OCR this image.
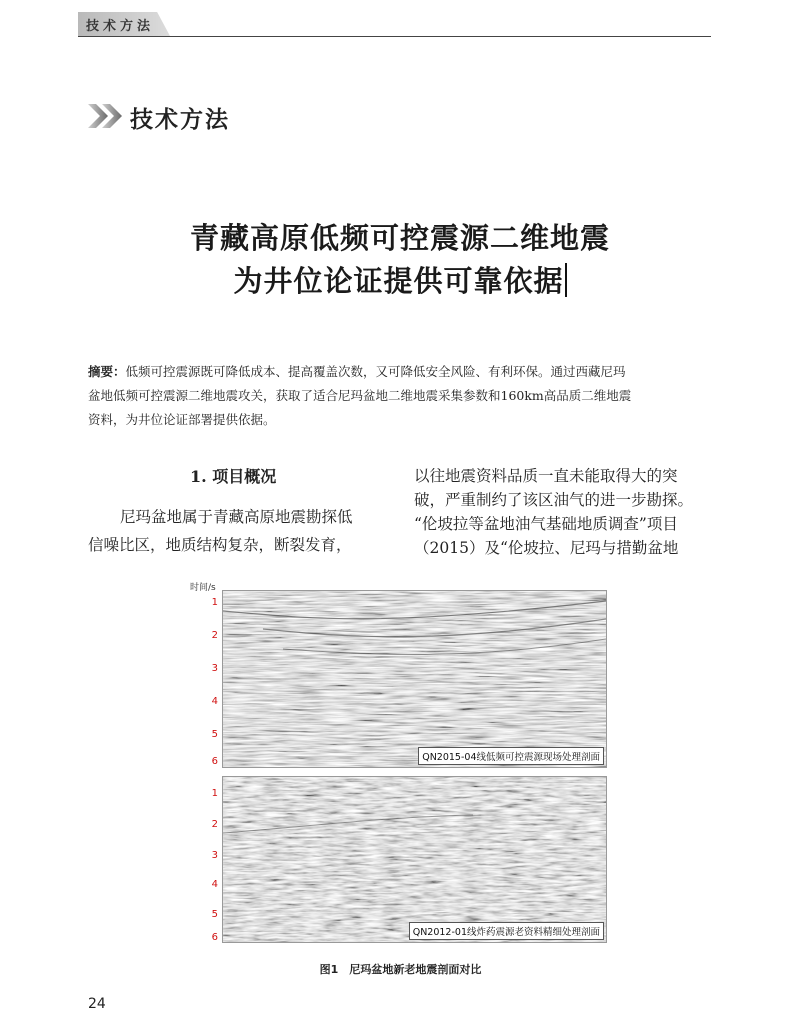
技术方法
技术方法
青藏高原低频可控震源二维地震
为井位论证提供可靠依据
摘要：低频可控震源既可降低成本、提高覆盖次数，又可降低安全风险、有利环保。通过西藏尼玛
盆地低频可控震源二维地震攻关，获取了适合尼玛盆地二维地震采集参数和160km高品质二维地震
资料，为井位论证部署提供依据。
1. 项目概况
尼玛盆地属于青藏高原地震勘探低
信噪比区，地质结构复杂，断裂发育，
以往地震资料品质一直未能取得大的突
破，严重制约了该区油气的进一步勘探。
“伦坡拉等盆地油气基础地质调查”项目
（2015）及“伦坡拉、尼玛与措勤盆地
时间/s
1
2
3
4
5
6
1
2
3
4
5
6
QN2015-04线低频可控震源现场处理剖面
QN2012-01线炸药震源老资料精细处理剖面
图1　尼玛盆地新老地震剖面对比
24
